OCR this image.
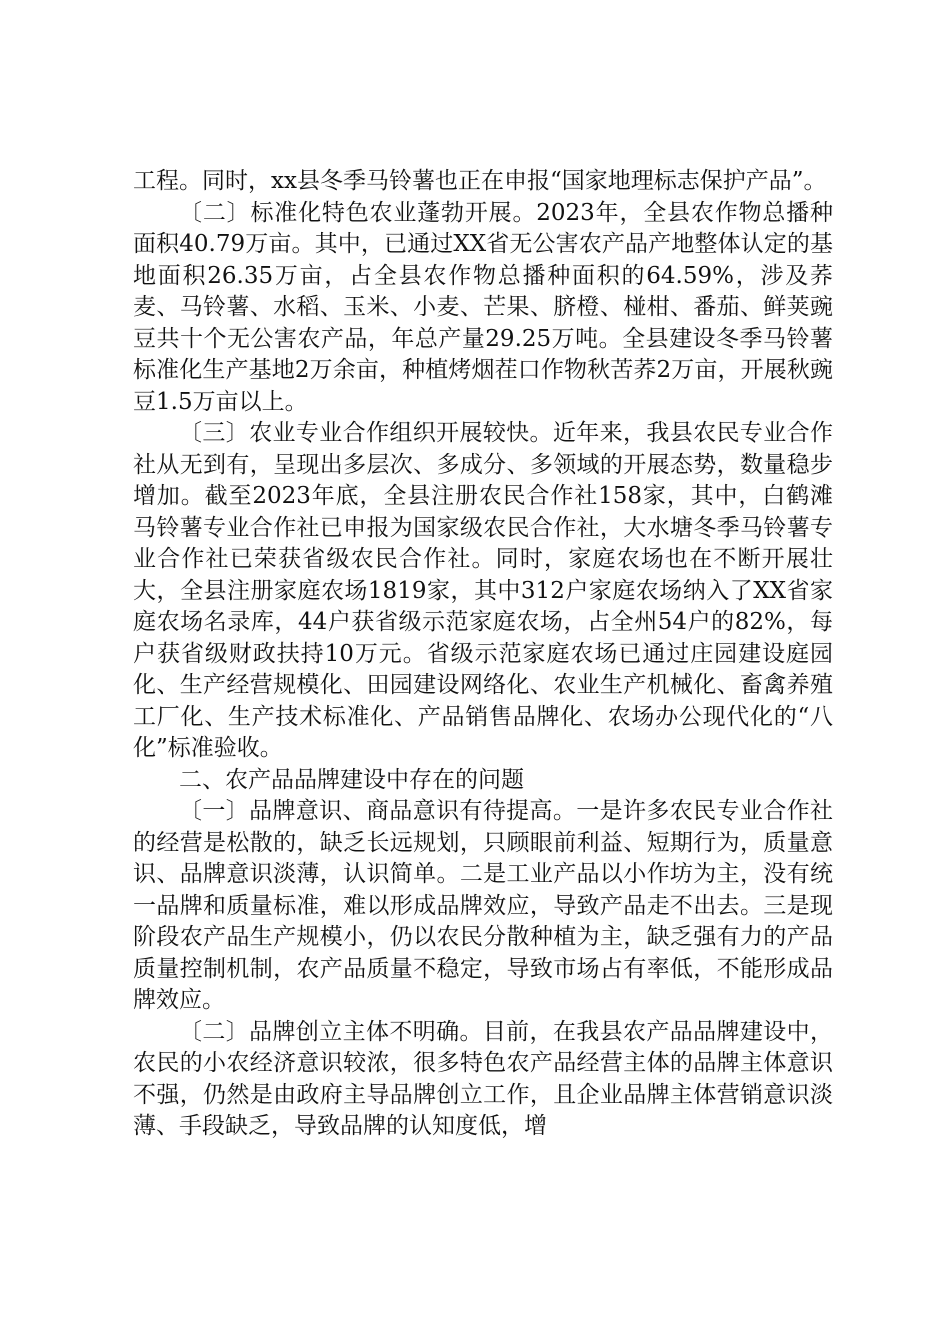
工程。同时，xx县冬季马铃薯也正在申报“国家地理标志保护产品”。

〔二〕标准化特色农业蓬勃开展。2023年，全县农作物总播种面积40.79万亩。其中，已通过XX省无公害农产品产地整体认定的基地面积26.35万亩，占全县农作物总播种面积的64.59%，涉及荞麦、马铃薯、水稻、玉米、小麦、芒果、脐橙、椪柑、番茄、鲜荚豌豆共十个无公害农产品，年总产量29.25万吨。全县建设冬季马铃薯标准化生产基地2万余亩，种植烤烟茬口作物秋苦荞2万亩，开展秋豌豆1.5万亩以上。

〔三〕农业专业合作组织开展较快。近年来，我县农民专业合作社从无到有，呈现出多层次、多成分、多领域的开展态势，数量稳步增加。截至2023年底，全县注册农民合作社158家，其中，白鹤滩马铃薯专业合作社已申报为国家级农民合作社，大水塘冬季马铃薯专业合作社已荣获省级农民合作社。同时，家庭农场也在不断开展壮大，全县注册家庭农场1819家，其中312户家庭农场纳入了XX省家庭农场名录库，44户获省级示范家庭农场，占全州54户的82%，每户获省级财政扶持10万元。省级示范家庭农场已通过庄园建设庭园化、生产经营规模化、田园建设网络化、农业生产机械化、畜禽养殖工厂化、生产技术标准化、产品销售品牌化、农场办公现代化的“八化”标准验收。

二、农产品品牌建设中存在的问题

〔一〕品牌意识、商品意识有待提高。一是许多农民专业合作社的经营是松散的，缺乏长远规划，只顾眼前利益、短期行为，质量意识、品牌意识淡薄，认识简单。二是工业产品以小作坊为主，没有统一品牌和质量标准，难以形成品牌效应，导致产品走不出去。三是现阶段农产品生产规模小，仍以农民分散种植为主，缺乏强有力的产品质量控制机制，农产品质量不稳定，导致市场占有率低，不能形成品牌效应。

〔二〕品牌创立主体不明确。目前，在我县农产品品牌建设中，农民的小农经济意识较浓，很多特色农产品经营主体的品牌主体意识不强，仍然是由政府主导品牌创立工作，且企业品牌主体营销意识淡薄、手段缺乏，导致品牌的认知度低，增
